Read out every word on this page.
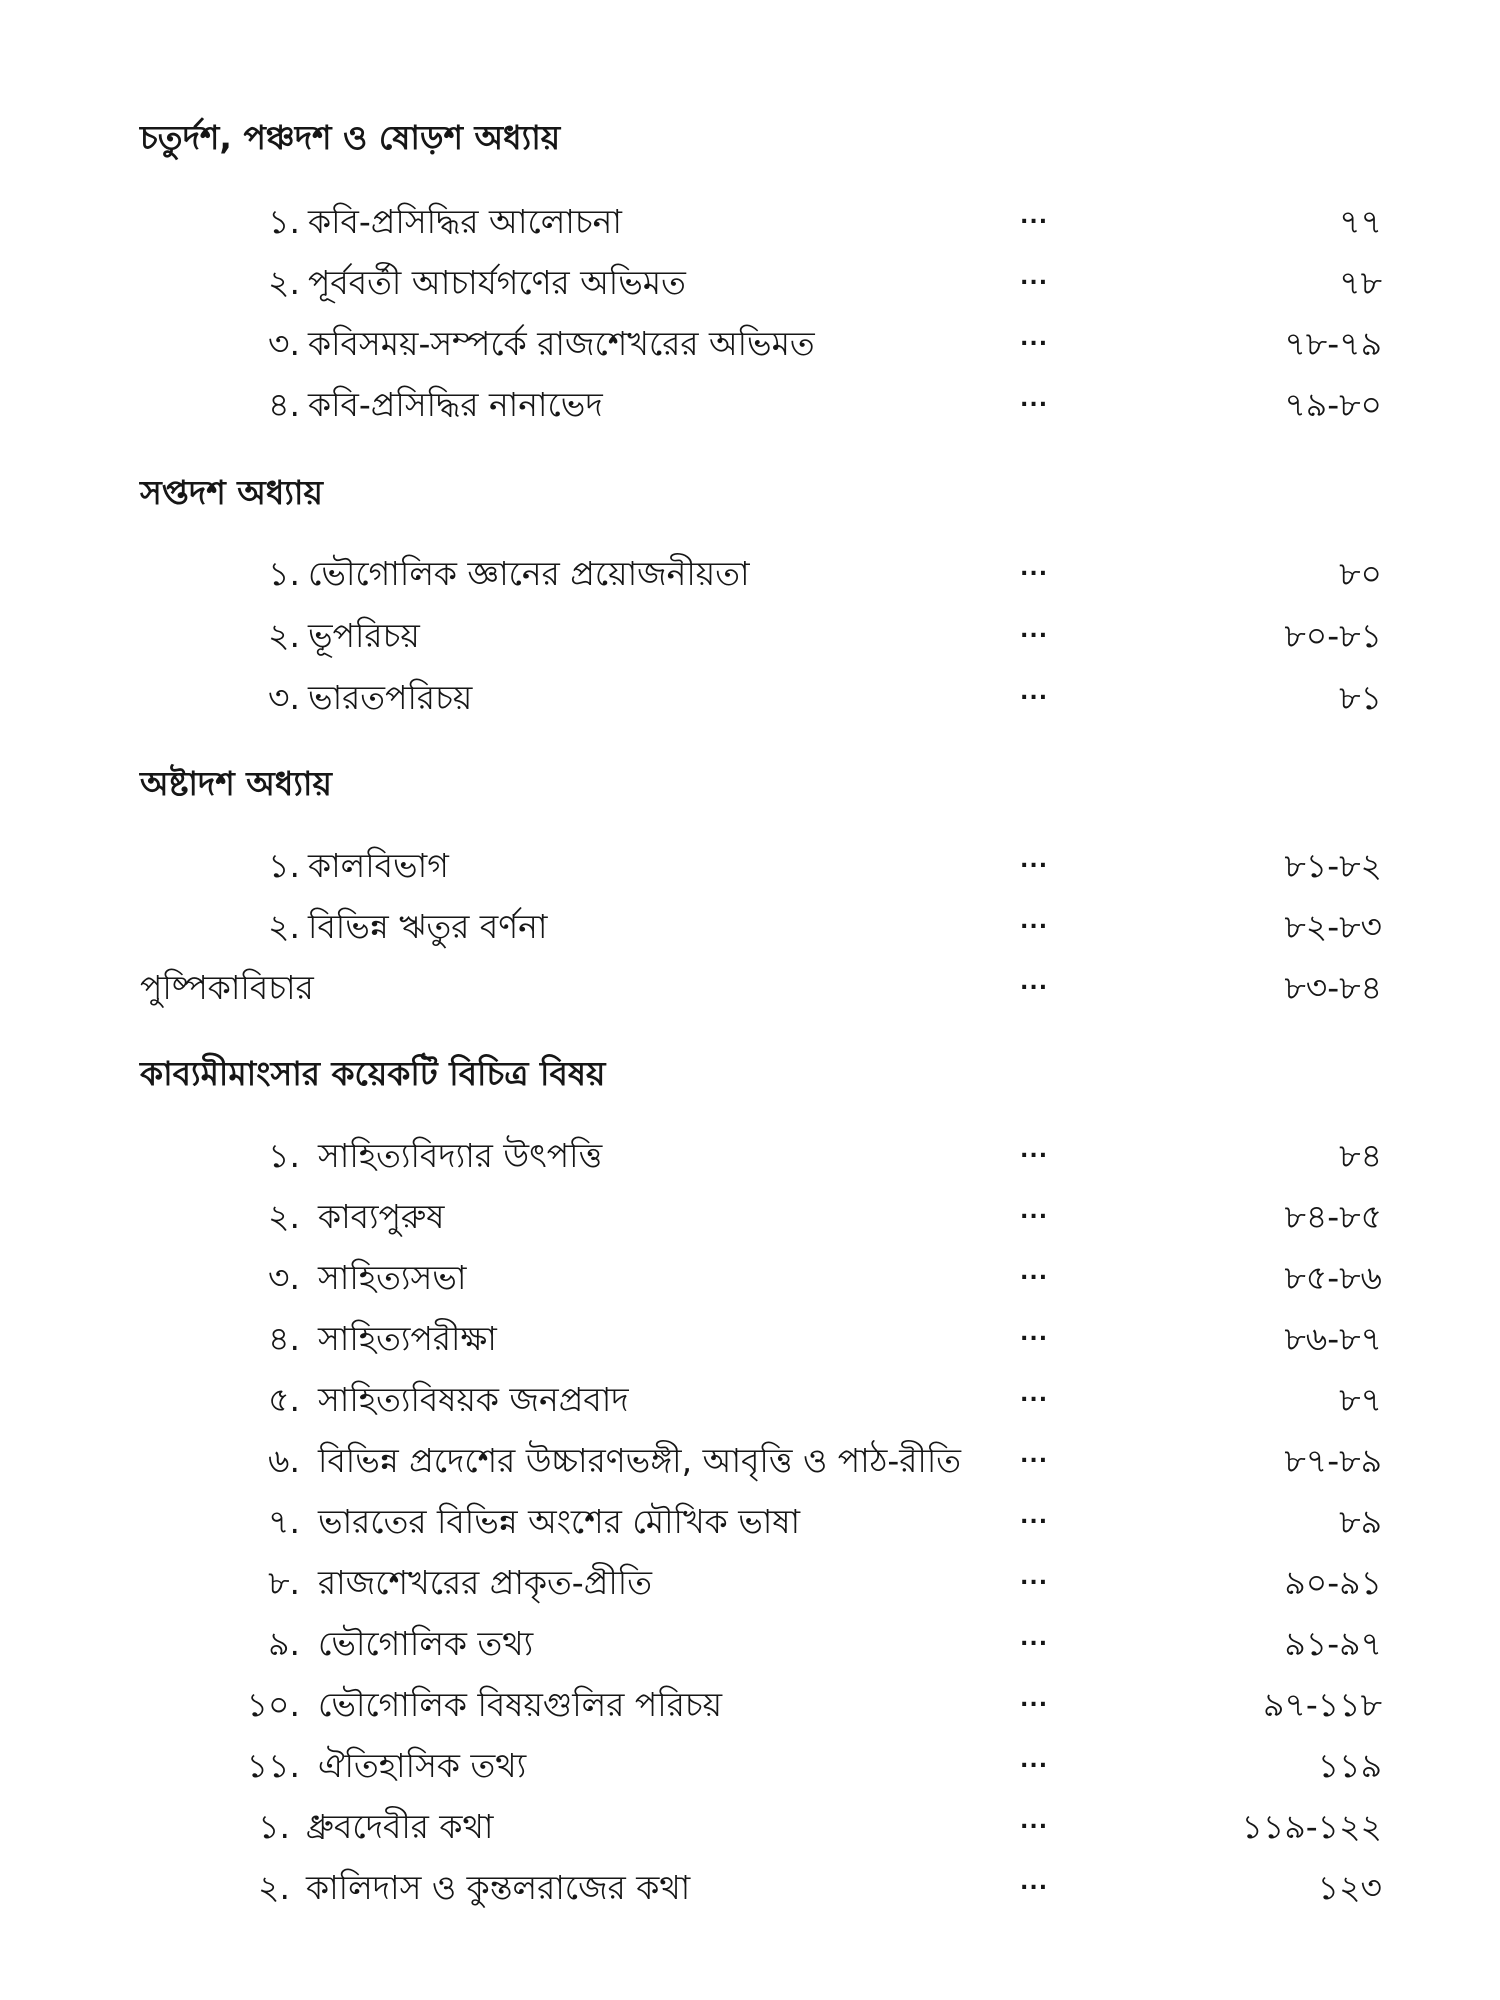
চতুর্দশ, পঞ্চদশ ও ষোড়শ অধ্যায়
১. কবি-প্রসিদ্ধির আলোচনা	...	৭৭
২. পূর্ববর্তী আচার্যগণের অভিমত	...	৭৮
৩. কবিসময়-সম্পর্কে রাজশেখরের অভিমত	...	৭৮-৭৯
৪. কবি-প্রসিদ্ধির নানাভেদ	...	৭৯-৮০
সপ্তদশ অধ্যায়
১. ভৌগোলিক জ্ঞানের প্রয়োজনীয়তা	...	৮০
২. ভূপরিচয়	...	৮০-৮১
৩. ভারতপরিচয়	...	৮১
অষ্টাদশ অধ্যায়
১. কালবিভাগ	...	৮১-৮২
২. বিভিন্ন ঋতুর বর্ণনা	...	৮২-৮৩
পুষ্পিকাবিচার	...	৮৩-৮৪
কাব্যমীমাংসার কয়েকটি বিচিত্র বিষয়
১. সাহিত্যবিদ্যার উৎপত্তি	...	৮৪
২. কাব্যপুরুষ	...	৮৪-৮৫
৩. সাহিত্যসভা	...	৮৫-৮৬
৪. সাহিত্যপরীক্ষা	...	৮৬-৮৭
৫. সাহিত্যবিষয়ক জনপ্রবাদ	...	৮৭
৬. বিভিন্ন প্রদেশের উচ্চারণভঙ্গী, আবৃত্তি ও পাঠ-রীতি	...	৮৭-৮৯
৭. ভারতের বিভিন্ন অংশের মৌখিক ভাষা	...	৮৯
৮. রাজশেখরের প্রাকৃত-প্রীতি	...	৯০-৯১
৯. ভৌগোলিক তথ্য	...	৯১-৯৭
১০. ভৌগোলিক বিষয়গুলির পরিচয়	...	৯৭-১১৮
১১. ঐতিহাসিক তথ্য	...	১১৯
১. ধ্রুবদেবীর কথা	...	১১৯-১২২
২. কালিদাস ও কুন্তলরাজের কথা	...	১২৩
